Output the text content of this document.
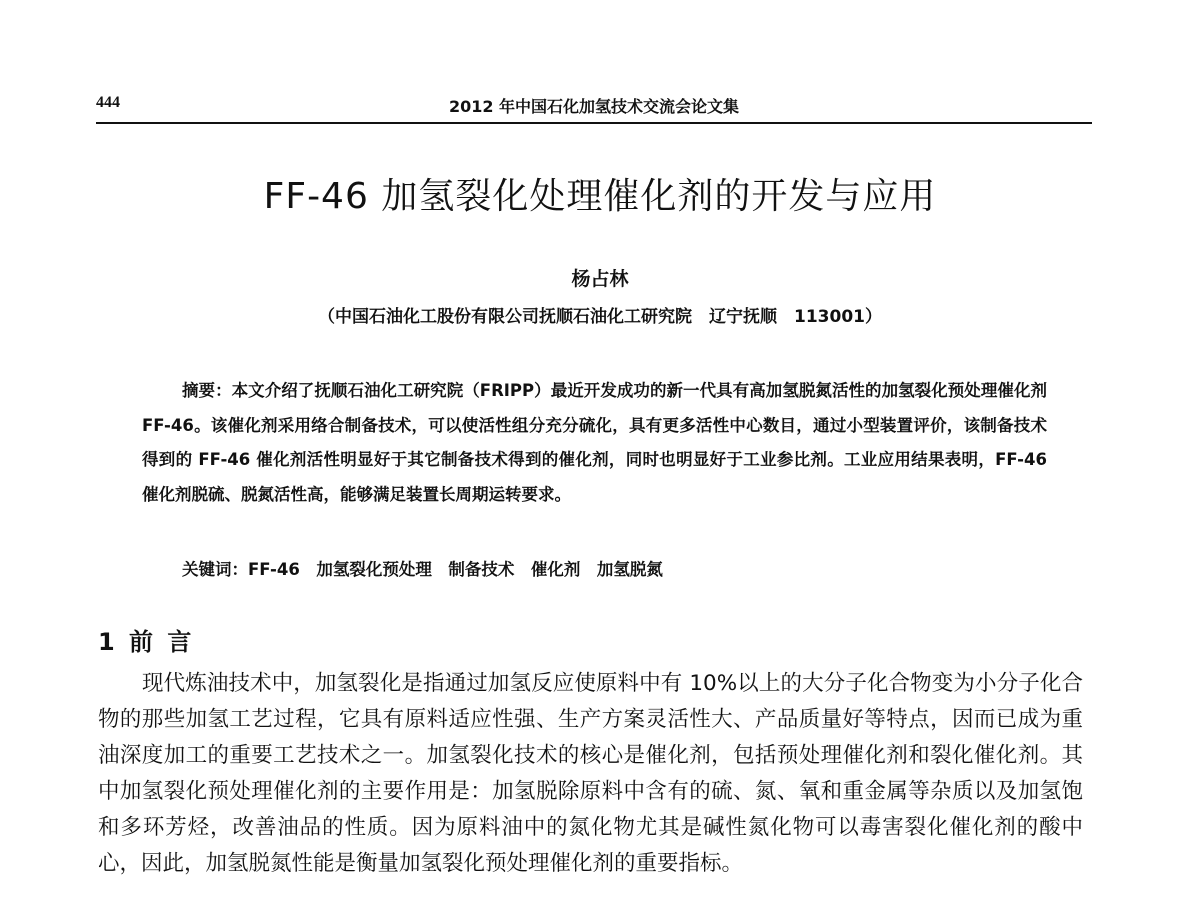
444	2012 年中国石化加氢技术交流会论文集
FF-46 加氢裂化处理催化剂的开发与应用
杨占林
（中国石油化工股份有限公司抚顺石油化工研究院　辽宁抚顺　113001）

摘要：本文介绍了抚顺石油化工研究院（FRIPP）最近开发成功的新一代具有高加氢脱氮活性的加氢裂化预处理催化剂 FF-46。该催化剂采用络合制备技术，可以使活性组分充分硫化，具有更多活性中心数目，通过小型装置评价，该制备技术得到的 FF-46 催化剂活性明显好于其它制备技术得到的催化剂，同时也明显好于工业参比剂。工业应用结果表明，FF-46 催化剂脱硫、脱氮活性高，能够满足装置长周期运转要求。

关键词：FF-46　加氢裂化预处理　制备技术　催化剂　加氢脱氮
1 前 言

现代炼油技术中，加氢裂化是指通过加氢反应使原料中有 10%以上的大分子化合物变为小分子化合物的那些加氢工艺过程，它具有原料适应性强、生产方案灵活性大、产品质量好等特点，因而已成为重油深度加工的重要工艺技术之一。加氢裂化技术的核心是催化剂，包括预处理催化剂和裂化催化剂。其中加氢裂化预处理催化剂的主要作用是：加氢脱除原料中含有的硫、氮、氧和重金属等杂质以及加氢饱和多环芳烃，改善油品的性质。因为原料油中的氮化物尤其是碱性氮化物可以毒害裂化催化剂的酸中心，因此，加氢脱氮性能是衡量加氢裂化预处理催化剂的重要指标。
